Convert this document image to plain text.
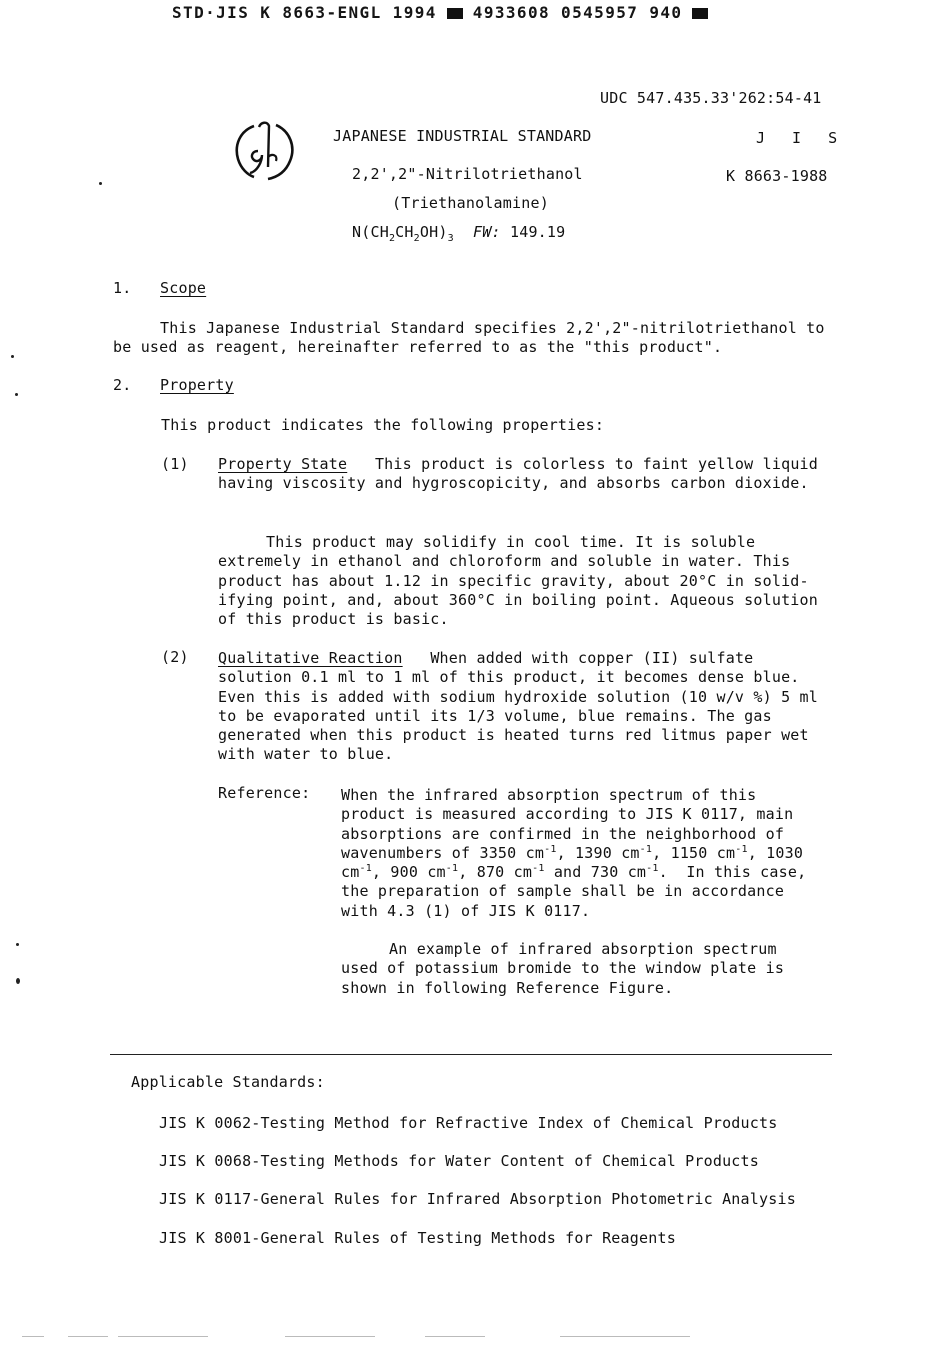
STD·JIS K 8663-ENGL 1994 4933608 0545957 940
UDC 547.435.33'262:54-41
JAPANESE INDUSTRIAL STANDARD	J I S
2,2',2"-Nitrilotriethanol	K 8663-1988
(Triethanolamine)
$N(CH_2CH_2OH)_3$ FW: 149.19
1. Scope
This Japanese Industrial Standard specifies 2,2',2"-nitrilotriethanol to be used as reagent, hereinafter referred to as the "this product".
2. Property
This product indicates the following properties:
(1) Property State This product is colorless to faint yellow liquid having viscosity and hygroscopicity, and absorbs carbon dioxide.
This product may solidify in cool time. It is soluble extremely in ethanol and chloroform and soluble in water. This product has about 1.12 in specific gravity, about 20°C in solid-ifying point, and, about 360°C in boiling point. Aqueous solution of this product is basic.
(2) Qualitative Reaction When added with copper (II) sulfate solution 0.1 ml to 1 ml of this product, it becomes dense blue. Even this is added with sodium hydroxide solution (10 w/v %) 5 ml to be evaporated until its 1/3 volume, blue remains. The gas generated when this product is heated turns red litmus paper wet with water to blue.
Reference: When the infrared absorption spectrum of this product is measured according to JIS K 0117, main absorptions are confirmed in the neighborhood of wavenumbers of 3350 $cm^{-1}$, 1390 $cm^{-1}$, 1150 $cm^{-1}$, 1030 $cm^{-1}$, 900 $cm^{-1}$, 870 $cm^{-1}$ and 730 $cm^{-1}$.  In this case, the preparation of sample shall be in accordance with 4.3 (1) of JIS K 0117.
An example of infrared absorption spectrum used of potassium bromide to the window plate is shown in following Reference Figure.
Applicable Standards:
JIS K 0062-Testing Method for Refractive Index of Chemical Products
JIS K 0068-Testing Methods for Water Content of Chemical Products
JIS K 0117-General Rules for Infrared Absorption Photometric Analysis
JIS K 8001-General Rules of Testing Methods for Reagents
